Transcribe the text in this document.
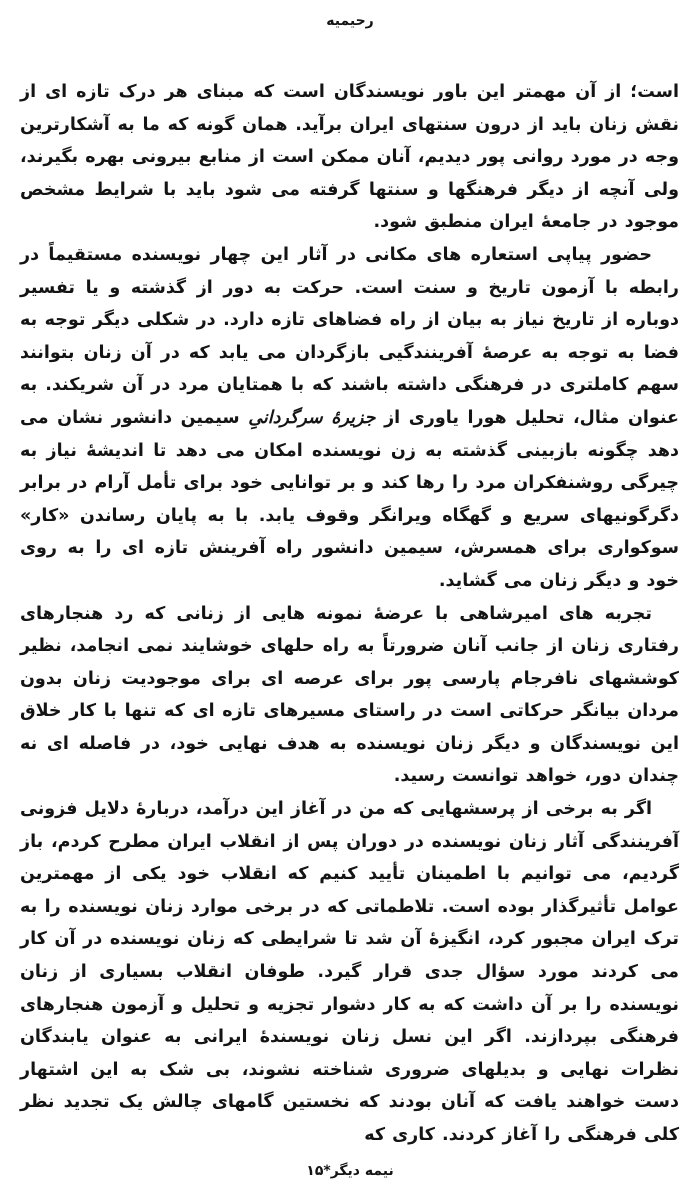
رحیمیه

است؛ از آن مهمتر این باور نویسندگان است که مبنای هر درک تازه ای از نقش زنان باید از درون سنتهای ایران برآید. همان گونه که ما به آشکارترین وجه در مورد روانی پور دیدیم، آنان ممکن است از منابع بیرونی بهره بگیرند، ولی آنچه از دیگر فرهنگها و سنتها گرفته می شود باید با شرایط مشخص موجود در جامعهٔ ایران منطبق شود.

حضور پیاپی استعاره های مکانی در آثار این چهار نویسنده مستقیماً در رابطه با آزمون تاریخ و سنت است. حرکت به دور از گذشته و یا تفسیر دوباره از تاریخ نیاز به بیان از راه فضاهای تازه دارد. در شکلی دیگر توجه به فضا به توجه به عرصهٔ آفرینندگیی بازگردان می یابد که در آن زنان بتوانند سهم کاملتری در فرهنگی داشته باشند که با همتایان مرد در آن شریکند. به عنوان مثال، تحلیل هورا یاوری از جزیرهٔ سرگردانیِ سیمین دانشور نشان می دهد چگونه بازبینی گذشته به زن نویسنده امکان می دهد تا اندیشهٔ نیاز به چیرگی روشنفکران مرد را رها کند و بر توانایی خود برای تأمل آرام در برابر دگرگونیهای سریع و گهگاه ویرانگر وقوف یابد. با به پایان رساندن «کار» سوکواری برای همسرش، سیمین دانشور راه آفرینش تازه ای را به روی خود و دیگر زنان می گشاید.

تجربه های امیرشاهی با عرضهٔ نمونه هایی از زنانی که رد هنجارهای رفتاری زنان از جانب آنان ضرورتاً به راه حلهای خوشایند نمی انجامد، نظیر کوششهای نافرجام پارسی پور برای عرصه ای برای موجودیت زنان بدون مردان بیانگر حرکاتی است در راستای مسیرهای تازه ای که تنها با کار خلاق این نویسندگان و دیگر زنان نویسنده به هدف نهایی خود، در فاصله ای نه چندان دور، خواهد توانست رسید.

اگر به برخی از پرسشهایی که من در آغاز این درآمد، دربارهٔ دلایل فزونی آفرینندگی آثار زنان نویسنده در دوران پس از انقلاب ایران مطرح کردم، باز گردیم، می توانیم با اطمینان تأیید کنیم که انقلاب خود یکی از مهمترین عوامل تأثیرگذار بوده است. تلاطماتی که در برخی موارد زنان نویسنده را به ترک ایران مجبور کرد، انگیزهٔ آن شد تا شرایطی که زنان نویسنده در آن کار می کردند مورد سؤال جدی قرار گیرد. طوفان انقلاب بسیاری از زنان نویسنده را بر آن داشت که به کار دشوار تجزیه و تحلیل و آزمون هنجارهای فرهنگی بپردازند. اگر این نسل زنان نویسندهٔ ایرانی به عنوان یابندگان نظرات نهایی و بدیلهای ضروری شناخته نشوند، بی شک به این اشتهار دست خواهند یافت که آنان بودند که نخستین گامهای چالش یک تجدید نظر کلی فرهنگی را آغاز کردند. کاری که

نیمه دیگر*۱۵
